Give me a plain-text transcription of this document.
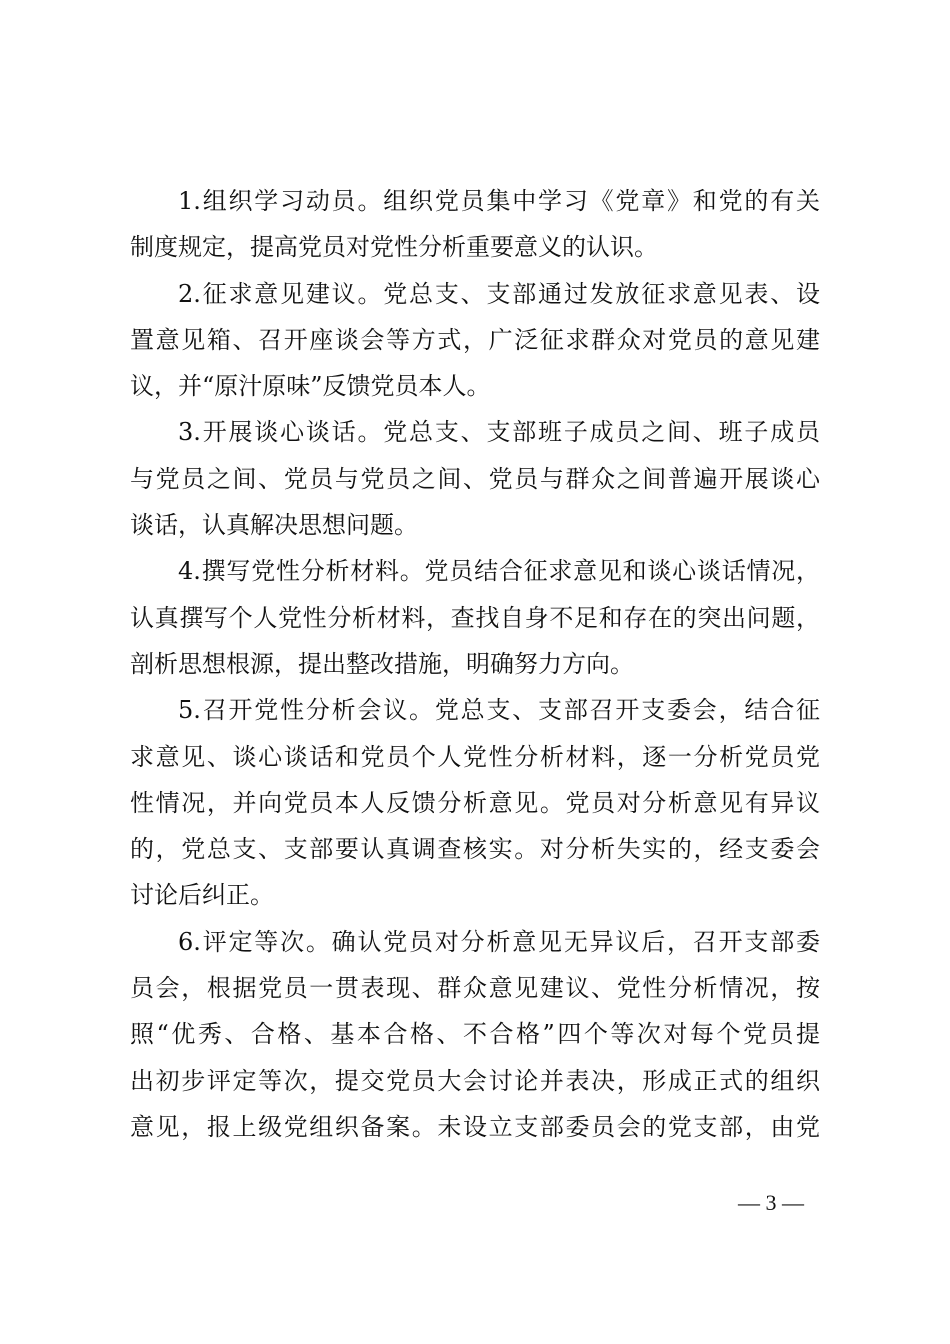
1.组织学习动员。组织党员集中学习《党章》和党的有关
制度规定，提高党员对党性分析重要意义的认识。
2.征求意见建议。党总支、支部通过发放征求意见表、设
置意见箱、召开座谈会等方式，广泛征求群众对党员的意见建
议，并“原汁原味”反馈党员本人。
3.开展谈心谈话。党总支、支部班子成员之间、班子成员
与党员之间、党员与党员之间、党员与群众之间普遍开展谈心
谈话，认真解决思想问题。
4.撰写党性分析材料。党员结合征求意见和谈心谈话情况，
认真撰写个人党性分析材料，查找自身不足和存在的突出问题，
剖析思想根源，提出整改措施，明确努力方向。
5.召开党性分析会议。党总支、支部召开支委会，结合征
求意见、谈心谈话和党员个人党性分析材料，逐一分析党员党
性情况，并向党员本人反馈分析意见。党员对分析意见有异议
的，党总支、支部要认真调查核实。对分析失实的，经支委会
讨论后纠正。
6.评定等次。确认党员对分析意见无异议后，召开支部委
员会，根据党员一贯表现、群众意见建议、党性分析情况，按
照“优秀、合格、基本合格、不合格”四个等次对每个党员提
出初步评定等次，提交党员大会讨论并表决，形成正式的组织
意见，报上级党组织备案。未设立支部委员会的党支部，由党
— 3 —
